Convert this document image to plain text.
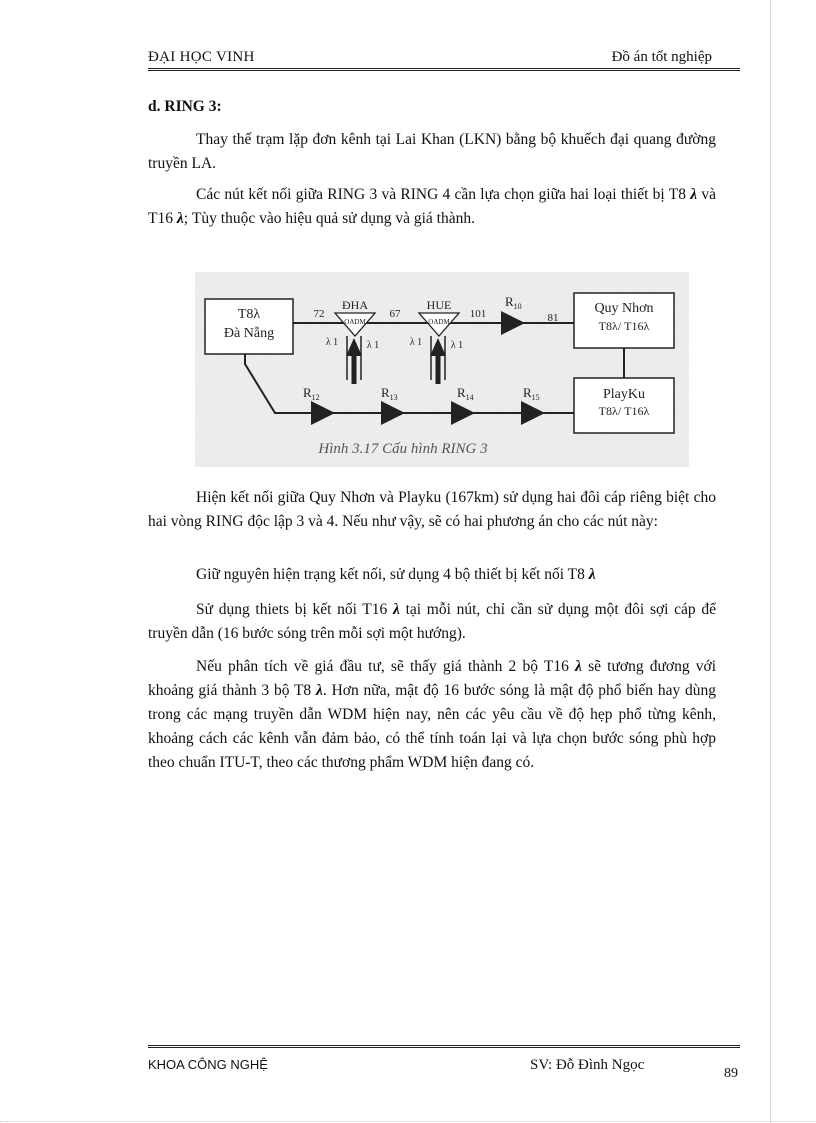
ĐẠI HỌC VINH	Đồ án tốt nghiệp
d. RING 3:

Thay thế trạm lặp đơn kênh tại Lai Khan (LKN) bằng bộ khuếch đại quang đường truyền LA.

Các nút kết nối giữa RING 3 và RING 4 cần lựa chọn giữa hai loại thiết bị T8 λ và T16 λ; Tùy thuộc vào hiệu quả sử dụng và giá thành.

T8λ
Đà Nẵng
Quy Nhơn
T8λ/ T16λ
PlayKu
T8λ/ T16λ
72	67	101	81
ĐHA
OADM
λ 1	λ 1
HUE
OADM
λ 1	λ 1
$R_{10}$
$R_{12}$	$R_{13}$	$R_{14}$	$R_{15}$
Hình 3.17 Cấu hình RING 3

Hiện kết nối giữa Quy Nhơn và Playku (167km) sử dụng hai đôi cáp riêng biệt cho hai vòng RING độc lập 3 và 4. Nếu như vậy, sẽ có hai phương án cho các nút này:

Giữ nguyên hiện trạng kết nối, sử dụng 4 bộ thiết bị kết nối T8 λ

Sử dụng thiets bị kết nối T16 λ tại mỗi nút, chỉ cần sử dụng một đôi sợi cáp để truyền dẫn (16 bước sóng trên mỗi sợi một hướng).

Nếu phân tích về giá đầu tư, sẽ thấy giá thành 2 bộ T16 λ sẽ tương đương với khoảng giá thành 3 bộ T8 λ. Hơn nữa, mật độ 16 bước sóng là mật độ phổ biến hay dùng trong các mạng truyền dẫn WDM hiện nay, nên các yêu cầu về độ hẹp phổ từng kênh, khoảng cách các kênh vẫn đảm bảo, có thể tính toán lại và lựa chọn bước sóng phù hợp theo chuẩn ITU-T, theo các thương phẩm WDM hiện đang có.

KHOA CÔNG NGHỆ	SV: Đỗ Đình Ngọc
89
